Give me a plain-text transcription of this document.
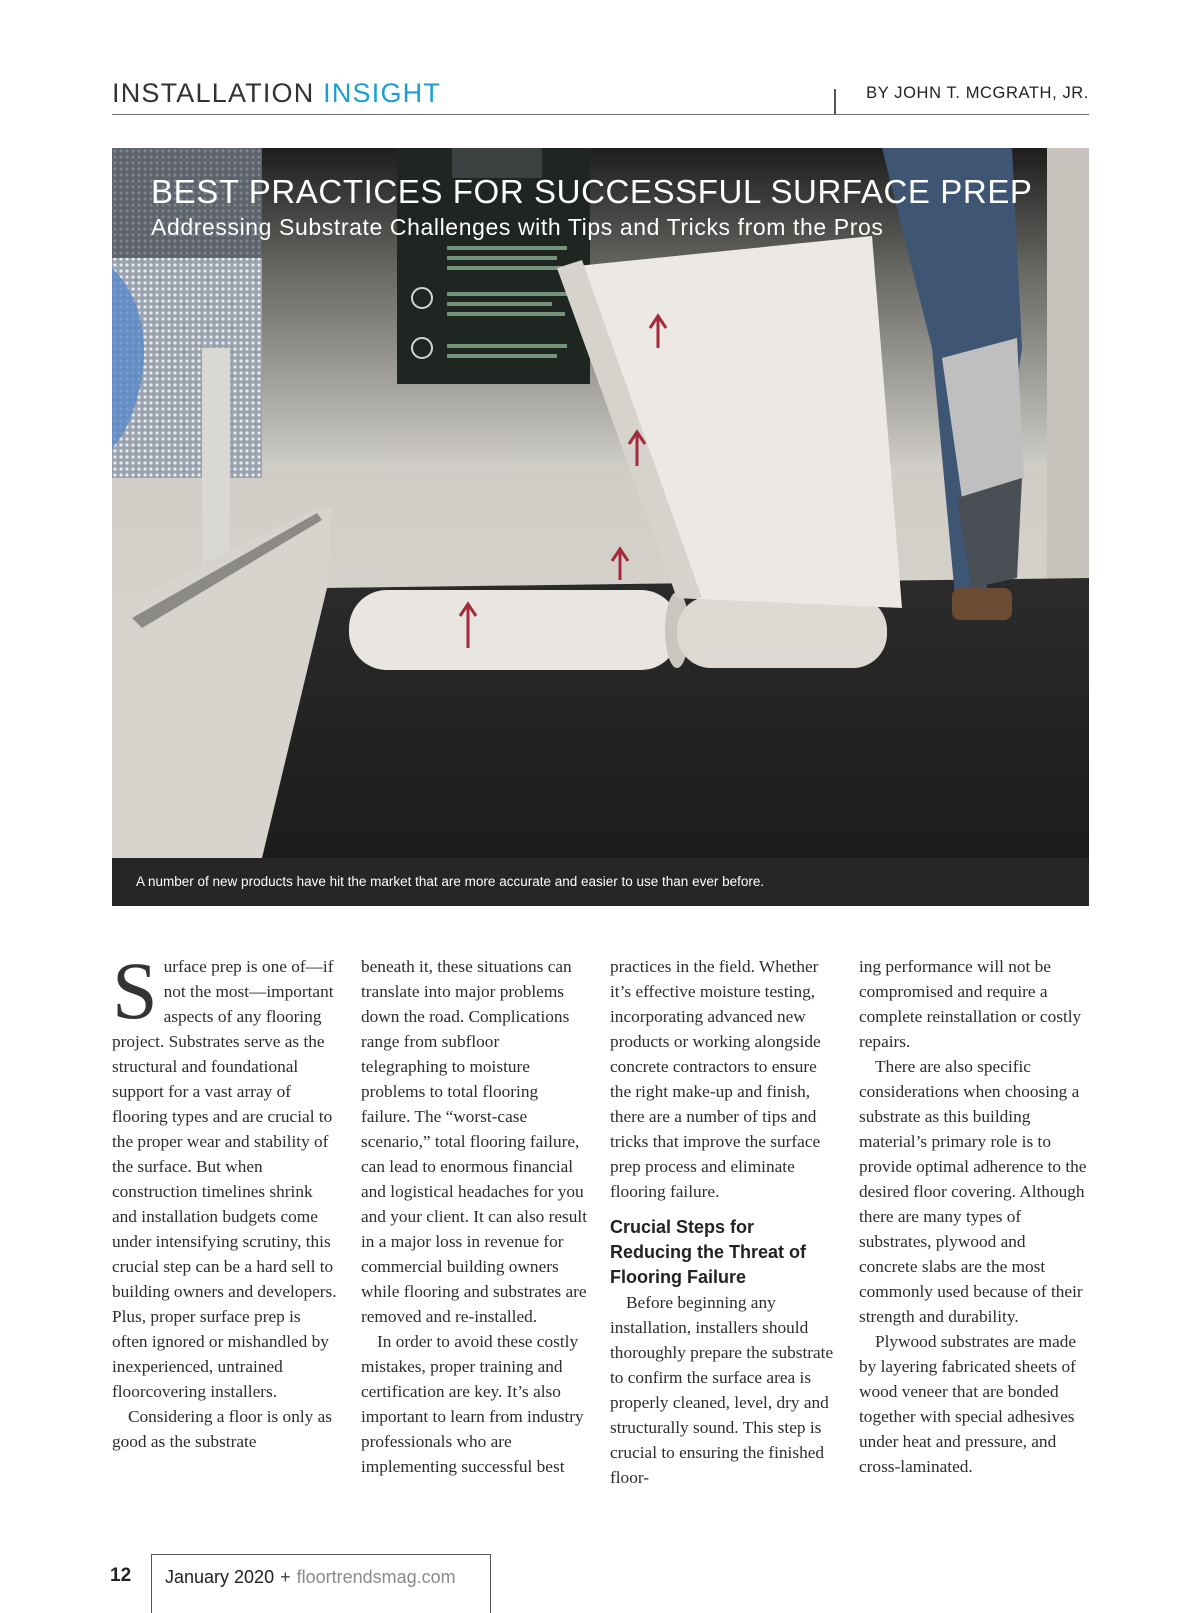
INSTALLATION INSIGHT	BY JOHN T. MCGRATH, JR.
BEST PRACTICES FOR SUCCESSFUL SURFACE PREP

Addressing Substrate Challenges with Tips and Tricks from the Pros

A number of new products have hit the market that are more accurate and easier to use than ever before.

Surface prep is one of—if not the most—important aspects of any flooring project. Substrates serve as the structural and foundational support for a vast array of flooring types and are crucial to the proper wear and stability of the surface. But when construction timelines shrink and installation budgets come under intensifying scrutiny, this crucial step can be a hard sell to building owners and developers. Plus, proper surface prep is often ignored or mishandled by inexperienced, untrained floorcovering installers.

Considering a floor is only as good as the substrate

beneath it, these situations can translate into major problems down the road. Complications range from subfloor telegraphing to moisture problems to total flooring failure. The “worst-case scenario,” total flooring failure, can lead to enormous financial and logistical headaches for you and your client. It can also result in a major loss in revenue for commercial building owners while flooring and substrates are removed and re-installed.

In order to avoid these costly mistakes, proper training and certification are key. It’s also important to learn from industry professionals who are implementing successful best

practices in the field. Whether it’s effective moisture testing, incorporating advanced new products or working alongside concrete contractors to ensure the right make-up and finish, there are a number of tips and tricks that improve the surface prep process and eliminate flooring failure.

Crucial Steps for Reducing the Threat of Flooring Failure

Before beginning any installation, installers should thoroughly prepare the substrate to confirm the surface area is properly cleaned, level, dry and structurally sound. This step is crucial to ensuring the finished floor-

ing performance will not be compromised and require a complete reinstallation or costly repairs.

There are also specific considerations when choosing a substrate as this building material’s primary role is to provide optimal adherence to the desired floor covering. Although there are many types of substrates, plywood and concrete slabs are the most commonly used because of their strength and durability.

Plywood substrates are made by layering fabricated sheets of wood veneer that are bonded together with special adhesives under heat and pressure, and cross-laminated.

12 January 2020 + floortrendsmag.com
